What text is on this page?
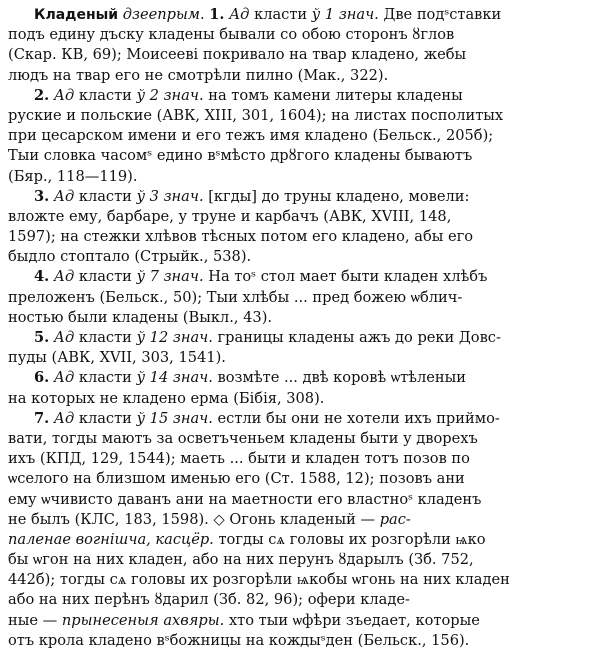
Кладеный дзеепрым. 1. Ад класти ў 1 знач. Две подˢставки
подъ едину дъску кладены бывали со обою сторонъ ȣглов
(Скар. КВ, 69); Моисеевi покривало на твар кладено, жебы
людъ на твар его не смотрѣли пилно (Мак., 322).
2. Ад класти ў 2 знач. на томъ камени литеры кладены
руские и польские (АВК, XIII, 301, 1604); на листах посполитых
при цесарском имени и его тежъ имя кладено (Бельск., 205б);
Тыи словка часомˢ едино вˢмѣсто дрȣгого кладены бываютъ
(Бяр., 118—119).
3. Ад класти ў 3 знач. [кгды] до труны кладено, мовели:
вложте ему, барбаре, у труне и карбачъ (АВК, XVIII, 148,
1597); на стежки хлѣвов тѣсных потом его кладено, абы его
быдло стоптало (Стрыйк., 538).
4. Ад класти ў 7 знач. На тоˢ стол мает быти кладен хлѣбъ
преложенъ (Бельск., 50); Тыи хлѣбы ... пред божею ѡблич-
ностью были кладены (Выкл., 43).
5. Ад класти ў 12 знач. границы кладены ажъ до реки Довс-
пуды (АВК, XVII, 303, 1541).
6. Ад класти ў 14 знач. возмѣте ... двѣ коровѣ ѡтѣленыи
на которых не кладено ерма (Бібія, 308).
7. Ад класти ў 15 знач. естли бы они не хотели ихъ приймо-
вати, тогды маютъ за осветъченьем кладены быти у дворехъ
ихъ (КПД, 129, 1544); маеть ... быти и кладен тотъ позов по
ѡселого на близшом именью его (Ст. 1588, 12); позовъ ани
ему ѡчивисто даванъ ани на маетности его властноˢ кладенъ
не былъ (КЛС, 183, 1598). ◇ Огонь кладеный — рас-
паленае вогнішча, касцёр. тогды сѧ головы их розгорѣли ѩко
бы ѡгон на них кладен, або на них перунъ ȣдарылъ (Зб. 752,
442б); тогды сѧ головы их розгорѣли ѩкобы ѡгонь на них кладен
або на них перѣнъ ȣдарил (Зб. 82, 96); офери кладе-
ные — прынесеныя ахвяры. хто тыи ѡфѣри зъедает, которые
отъ крола кладено вˢбожницы на кождыˢден (Бельск., 156).
